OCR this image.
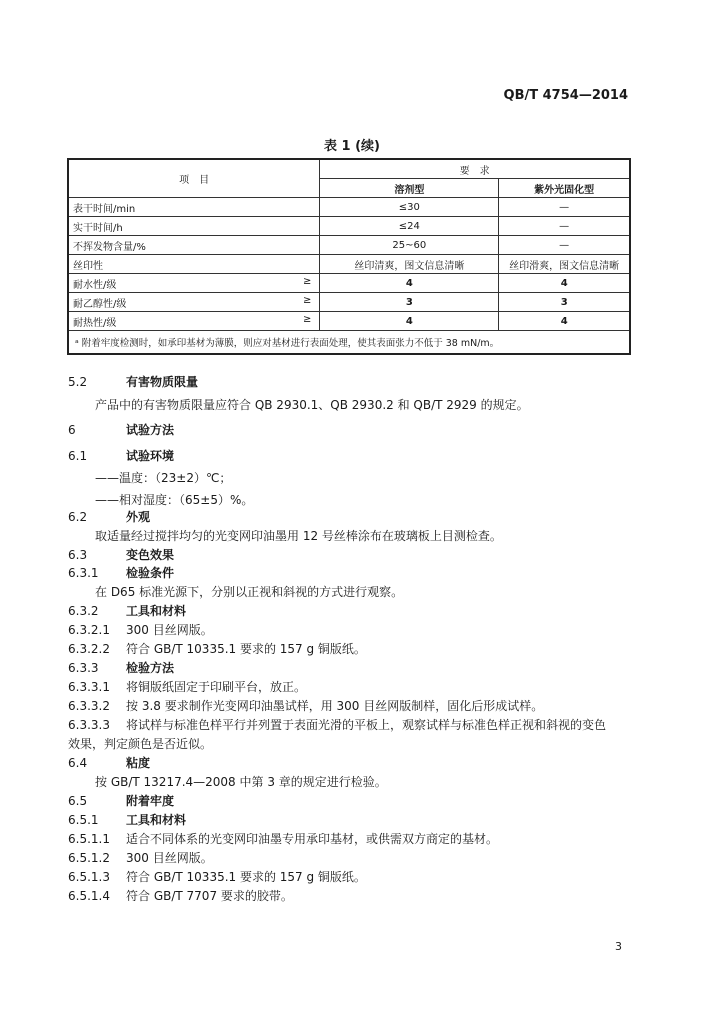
QB/T 4754—2014
表 1 (续)
项　目	要　求	
	溶剂型	紫外光固化型
表干时间/min	≤30	—
实干时间/h	≤24	—
不挥发物含量/%	25~60	—
丝印性	丝印清爽，图文信息清晰	丝印滑爽，图文信息清晰
耐水性/级 ≥	4	4
耐乙醇性/级 ≥	3	3
耐热性/级 ≥	4	4
ᵃ 附着牢度检测时，如承印基材为薄膜，则应对基材进行表面处理，使其表面张力不低于 38 mN/m。		
5.2	有害物质限量
产品中的有害物质限量应符合 QB 2930.1、QB 2930.2 和 QB/T 2929 的规定。
6	试验方法
6.1	试验环境
——温度：（23±2）℃；
——相对湿度：（65±5）%。
6.2	外观
取适量经过搅拌均匀的光变网印油墨用 12 号丝棒涂布在玻璃板上目测检查。
6.3	变色效果
6.3.1 检验条件
在 D65 标准光源下，分别以正视和斜视的方式进行观察。
6.3.2 工具和材料
6.3.2.1 300 目丝网版。
6.3.2.2 符合 GB/T 10335.1 要求的 157 g 铜版纸。
6.3.3 检验方法
6.3.3.1 将铜版纸固定于印刷平台，放正。
6.3.3.2 按 3.8 要求制作光变网印油墨试样，用 300 目丝网版制样，固化后形成试样。
6.3.3.3 将试样与标准色样平行并列置于表面光滑的平板上，观察试样与标准色样正视和斜视的变色
效果，判定颜色是否近似。
6.4	粘度
按 GB/T 13217.4—2008 中第 3 章的规定进行检验。
6.5	附着牢度
6.5.1 工具和材料
6.5.1.1 适合不同体系的光变网印油墨专用承印基材，或供需双方商定的基材。
6.5.1.2 300 目丝网版。
6.5.1.3 符合 GB/T 10335.1 要求的 157 g 铜版纸。
6.5.1.4 符合 GB/T 7707 要求的胶带。
3
